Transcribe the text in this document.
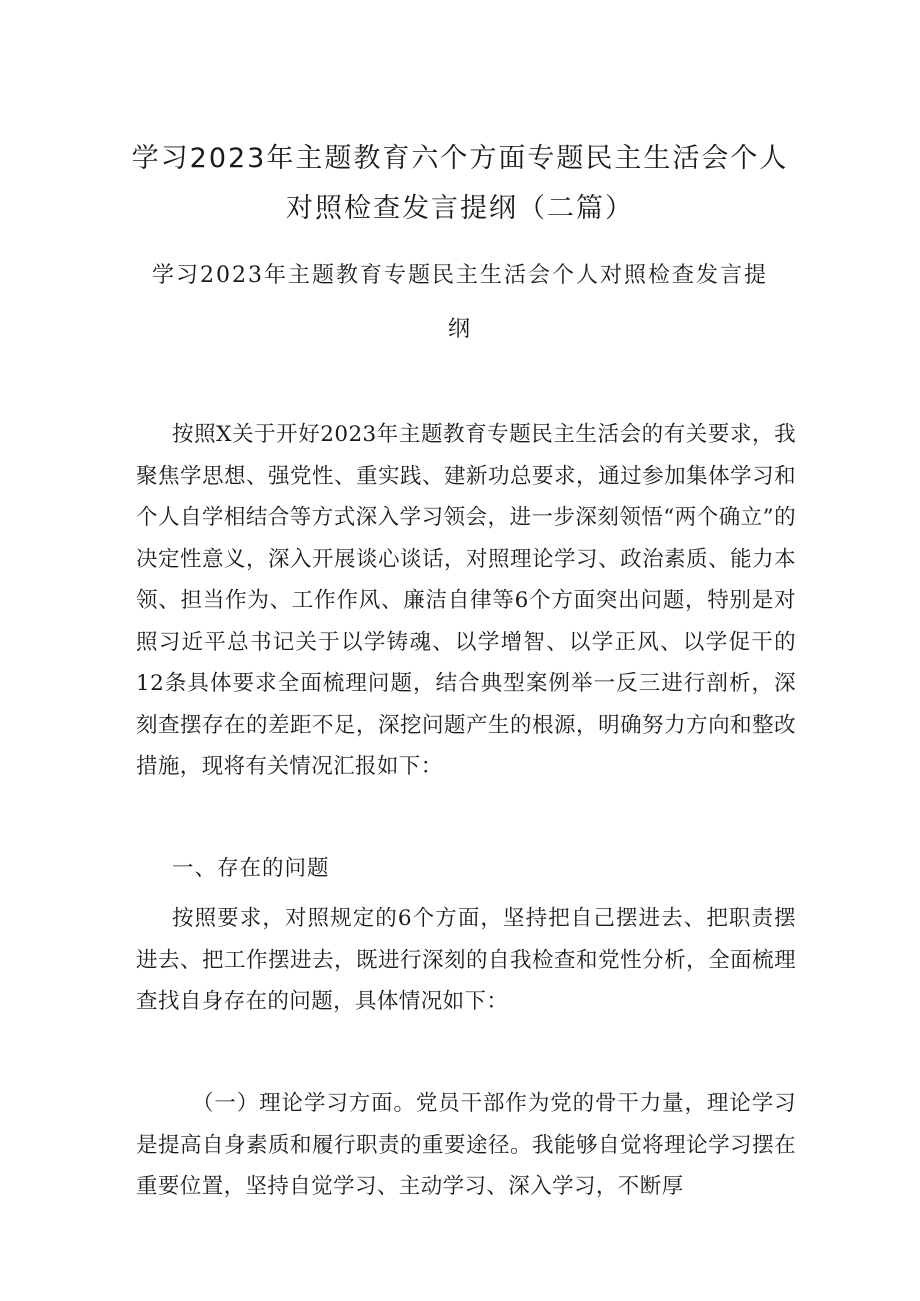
学习2023年主题教育六个方面专题民主生活会个人
对照检查发言提纲（二篇）
学习2023年主题教育专题民主生活会个人对照检查发言提
纲

按照X关于开好2023年主题教育专题民主生活会的有关要求，我聚焦学思想、强党性、重实践、建新功总要求，通过参加集体学习和个人自学相结合等方式深入学习领会，进一步深刻领悟“两个确立”的决定性意义，深入开展谈心谈话，对照理论学习、政治素质、能力本领、担当作为、工作作风、廉洁自律等6个方面突出问题，特别是对照习近平总书记关于以学铸魂、以学增智、以学正风、以学促干的12条具体要求全面梳理问题，结合典型案例举一反三进行剖析，深刻查摆存在的差距不足，深挖问题产生的根源，明确努力方向和整改措施，现将有关情况汇报如下：

一、存在的问题

按照要求，对照规定的6个方面，坚持把自己摆进去、把职责摆进去、把工作摆进去，既进行深刻的自我检查和党性分析，全面梳理查找自身存在的问题，具体情况如下：

（一）理论学习方面。党员干部作为党的骨干力量，理论学习是提高自身素质和履行职责的重要途径。我能够自觉将理论学习摆在重要位置，坚持自觉学习、主动学习、深入学习，不断厚
